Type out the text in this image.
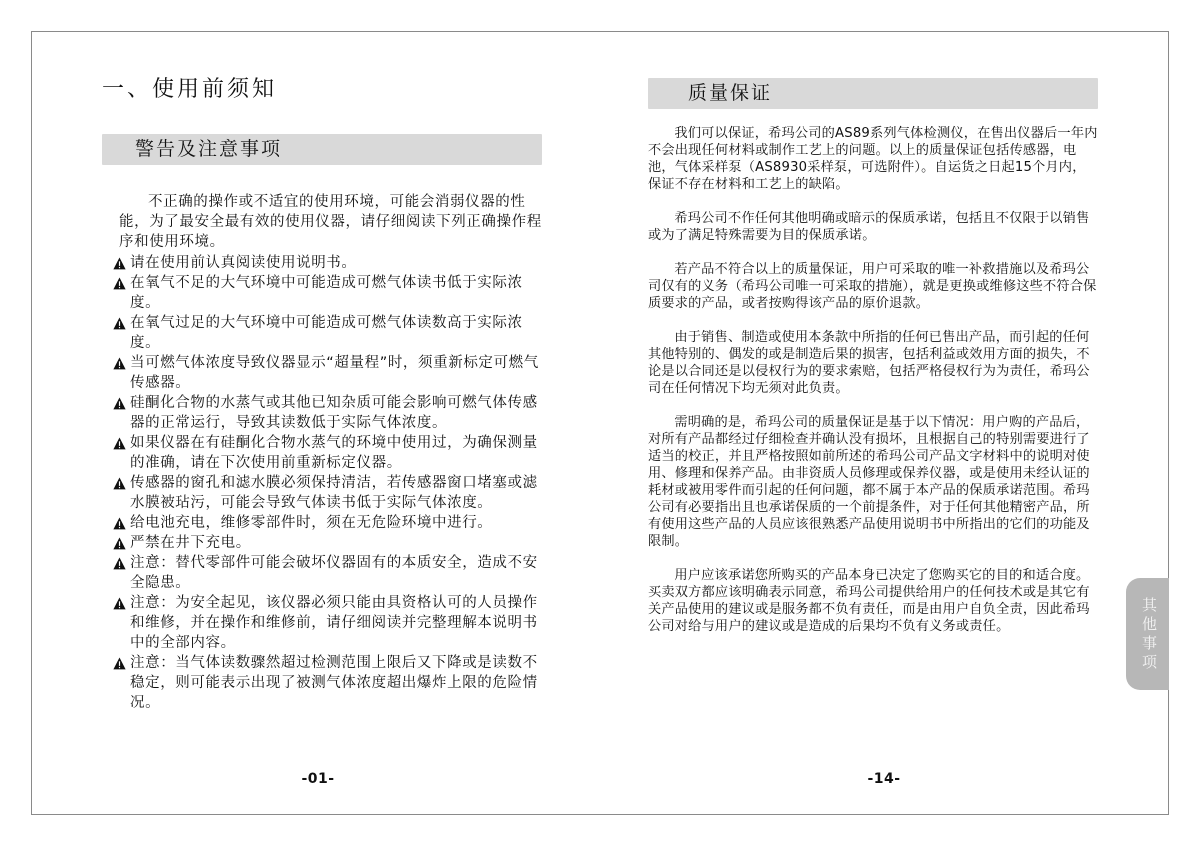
一、使用前须知
警告及注意事项

不正确的操作或不适宜的使用环境，可能会消弱仪器的性能，为了最安全最有效的使用仪器，请仔细阅读下列正确操作程序和使用环境。

请在使用前认真阅读使用说明书。
在氧气不足的大气环境中可能造成可燃气体读书低于实际浓度。
在氧气过足的大气环境中可能造成可燃气体读数高于实际浓度。
当可燃气体浓度导致仪器显示“超量程”时，须重新标定可燃气传感器。
硅酮化合物的水蒸气或其他已知杂质可能会影响可燃气体传感器的正常运行，导致其读数低于实际气体浓度。
如果仪器在有硅酮化合物水蒸气的环境中使用过，为确保测量的准确，请在下次使用前重新标定仪器。
传感器的窗孔和滤水膜必须保持清洁，若传感器窗口堵塞或滤水膜被玷污，可能会导致气体读书低于实际气体浓度。
给电池充电，维修零部件时，须在无危险环境中进行。
严禁在井下充电。
注意：替代零部件可能会破坏仪器固有的本质安全，造成不安全隐患。
注意：为安全起见，该仪器必须只能由具资格认可的人员操作和维修，并在操作和维修前，请仔细阅读并完整理解本说明书中的全部内容。
注意：当气体读数骤然超过检测范围上限后又下降或是读数不稳定，则可能表示出现了被测气体浓度超出爆炸上限的危险情况。
质量保证

我们可以保证，希玛公司的AS89系列气体检测仪，在售出仪器后一年内不会出现任何材料或制作工艺上的问题。以上的质量保证包括传感器，电池，气体采样泵（AS8930采样泵，可选附件）。自运货之日起15个月内，保证不存在材料和工艺上的缺陷。

希玛公司不作任何其他明确或暗示的保质承诺，包括且不仅限于以销售或为了满足特殊需要为目的保质承诺。

若产品不符合以上的质量保证，用户可采取的唯一补救措施以及希玛公司仅有的义务（希玛公司唯一可采取的措施），就是更换或维修这些不符合保质要求的产品，或者按购得该产品的原价退款。

由于销售、制造或使用本条款中所指的任何已售出产品，而引起的任何其他特别的、偶发的或是制造后果的损害，包括利益或效用方面的损失，不论是以合同还是以侵权行为的要求索赔，包括严格侵权行为为责任，希玛公司在任何情况下均无须对此负责。

需明确的是，希玛公司的质量保证是基于以下情况：用户购的产品后，对所有产品都经过仔细检查并确认没有损坏，且根据自己的特别需要进行了适当的校正，并且严格按照如前所述的希玛公司产品文字材料中的说明对使用、修理和保养产品。由非资质人员修理或保养仪器，或是使用未经认证的耗材或被用零件而引起的任何问题，都不属于本产品的保质承诺范围。希玛公司有必要指出且也承诺保质的一个前提条件，对于任何其他精密产品，所有使用这些产品的人员应该很熟悉产品使用说明书中所指出的它们的功能及限制。

用户应该承诺您所购买的产品本身已决定了您购买它的目的和适合度。买卖双方都应该明确表示同意，希玛公司提供给用户的任何技术或是其它有关产品使用的建议或是服务都不负有责任，而是由用户自负全责，因此希玛公司对给与用户的建议或是造成的后果均不负有义务或责任。

-01-	-14-
其
他
事
项
